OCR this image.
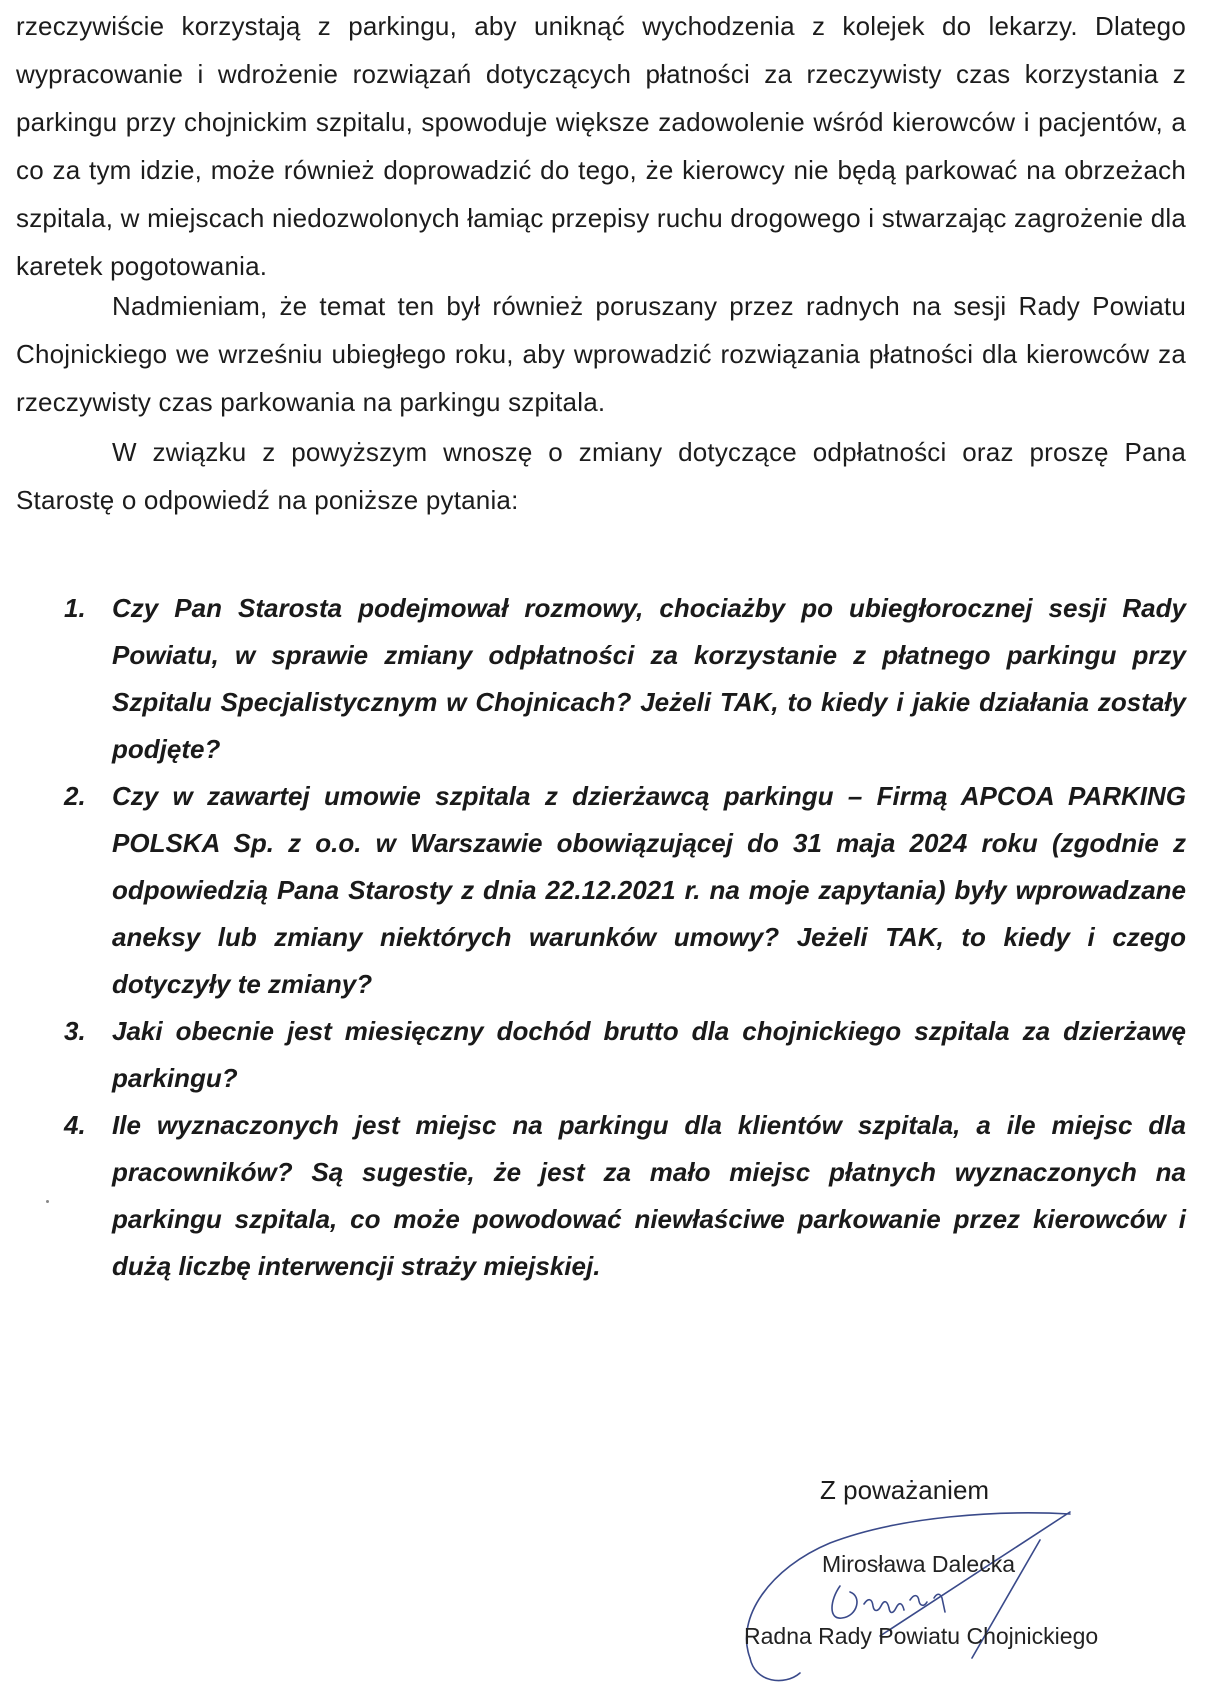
rzeczywiście korzystają z parkingu, aby uniknąć wychodzenia z kolejek do lekarzy. Dlatego wypracowanie i wdrożenie rozwiązań dotyczących płatności za rzeczywisty czas korzystania z parkingu przy chojnickim szpitalu, spowoduje większe zadowolenie wśród kierowców i pacjentów, a co za tym idzie, może również doprowadzić do tego, że kierowcy nie będą parkować na obrzeżach szpitala, w miejscach niedozwolonych łamiąc przepisy ruchu drogowego i stwarzając zagrożenie dla karetek pogotowania.

Nadmieniam, że temat ten był również poruszany przez radnych na sesji Rady Powiatu Chojnickiego we wrześniu ubiegłego roku, aby wprowadzić rozwiązania płatności dla kierowców za rzeczywisty czas parkowania na parkingu szpitala.

W związku z powyższym wnoszę o zmiany dotyczące odpłatności oraz proszę Pana Starostę o odpowiedź na poniższe pytania:

1. Czy Pan Starosta podejmował rozmowy, chociażby po ubiegłorocznej sesji Rady Powiatu, w sprawie zmiany odpłatności za korzystanie z płatnego parkingu przy Szpitalu Specjalistycznym w Chojnicach? Jeżeli TAK, to kiedy i jakie działania zostały podjęte?
2. Czy w zawartej umowie szpitala z dzierżawcą parkingu – Firmą APCOA PARKING POLSKA Sp. z o.o. w Warszawie obowiązującej do 31 maja 2024 roku (zgodnie z odpowiedzią Pana Starosty z dnia 22.12.2021 r. na moje zapytania) były wprowadzane aneksy lub zmiany niektórych warunków umowy? Jeżeli TAK, to kiedy i czego dotyczyły te zmiany?
3. Jaki obecnie jest miesięczny dochód brutto dla chojnickiego szpitala za dzierżawę parkingu?
4. Ile wyznaczonych jest miejsc na parkingu dla klientów szpitala, a ile miejsc dla pracowników? Są sugestie, że jest za mało miejsc płatnych wyznaczonych na parkingu szpitala, co może powodować niewłaściwe parkowanie przez kierowców i dużą liczbę interwencji straży miejskiej.
Z poważaniem
Mirosława Dalecka
Radna Rady Powiatu Chojnickiego
